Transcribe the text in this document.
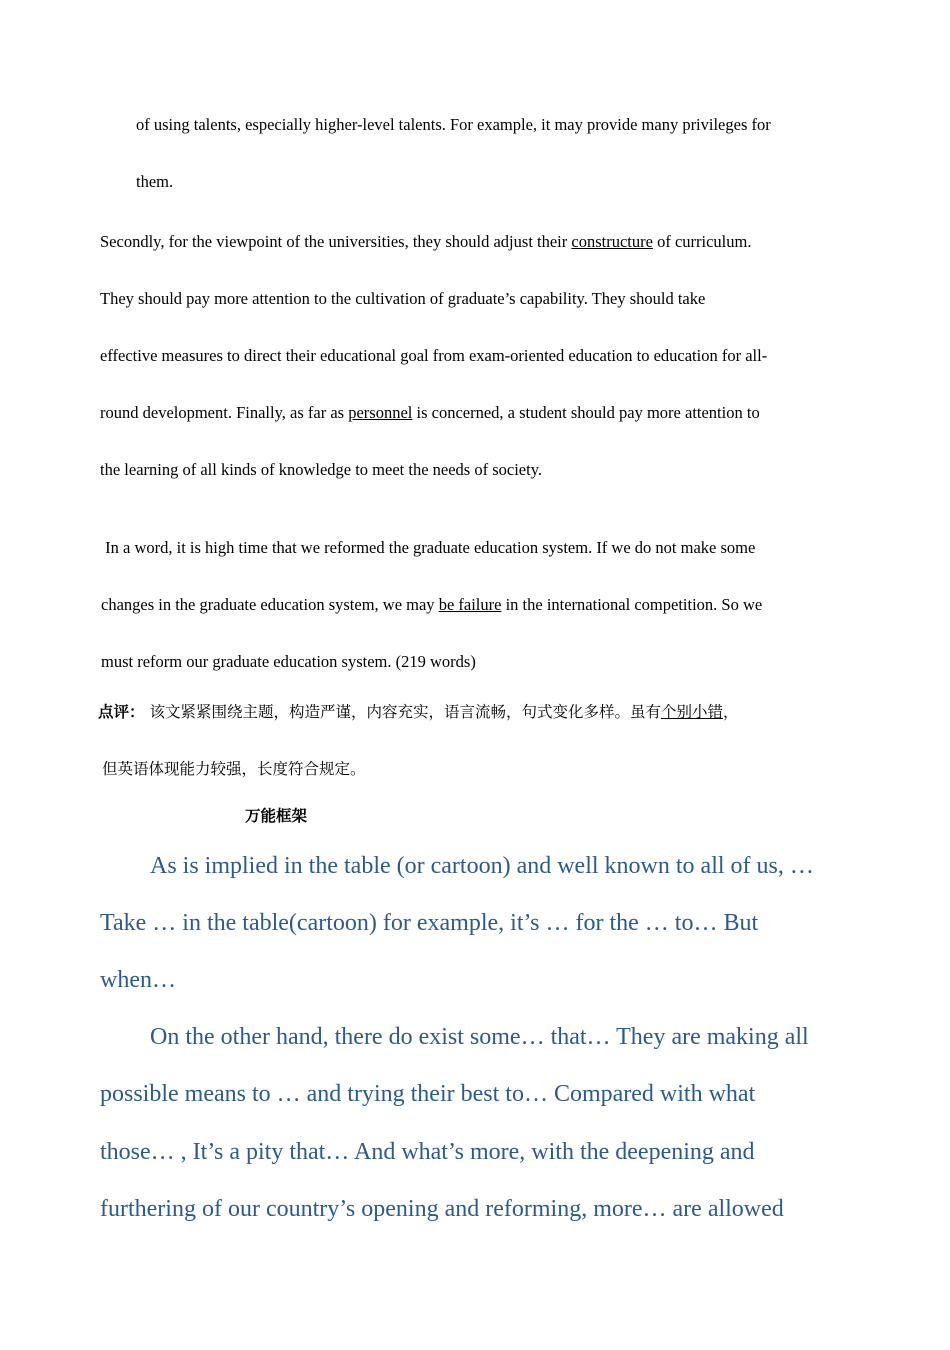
of using talents, especially higher-level talents. For example, it may provide many privileges for
them.
Secondly, for the viewpoint of the universities, they should adjust their constructure of curriculum.
They should pay more attention to the cultivation of graduate’s capability. They should take
effective measures to direct their educational goal from exam-oriented education to education for all-
round development. Finally, as far as personnel is concerned, a student should pay more attention to
the learning of all kinds of knowledge to meet the needs of society.
In a word, it is high time that we reformed the graduate education system. If we do not make some
changes in the graduate education system, we may be failure in the international competition. So we
must reform our graduate education system. (219 words)
点评： 该文紧紧围绕主题，构造严谨，内容充实，语言流畅，句式变化多样。虽有个别小错，
但英语体现能力较强，长度符合规定。
万能框架
As is implied in the table (or cartoon) and well known to all of us, …
Take … in the table(cartoon) for example, it’s … for the … to… But
when…
On the other hand, there do exist some… that… They are making all
possible means to … and trying their best to… Compared with what
those… , It’s a pity that… And what’s more, with the deepening and
furthering of our country’s opening and reforming, more… are allowed
